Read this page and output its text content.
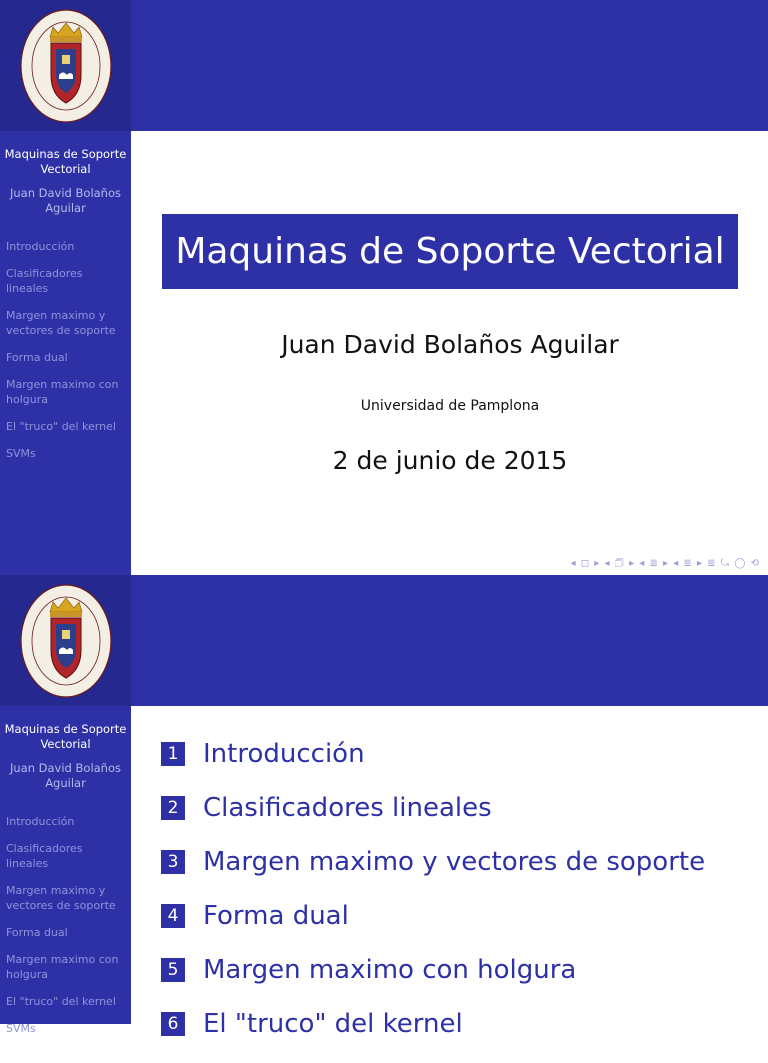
Maquinas de Soporte Vectorial
Juan David Bolaños Aguilar
Introducción
Clasificadores lineales
Margen maximo y vectores de soporte
Forma dual
Margen maximo con holgura
El "truco" del kernel
SVMs
Maquinas de Soporte Vectorial
Juan David Bolaños Aguilar
Universidad de Pamplona
2 de junio de 2015
◂ ◻ ▸ ◂ 🗇 ▸ ◂ ≣ ▸ ◂ ≣ ▸ ≣ ⤿ ◯ ⟲
Maquinas de Soporte Vectorial
Juan David Bolaños Aguilar
Introducción
Clasificadores lineales
Margen maximo y vectores de soporte
Forma dual
Margen maximo con holgura
El "truco" del kernel
SVMs
1 Introducción
2 Clasificadores lineales
3 Margen maximo y vectores de soporte
4 Forma dual
5 Margen maximo con holgura
6 El "truco" del kernel
